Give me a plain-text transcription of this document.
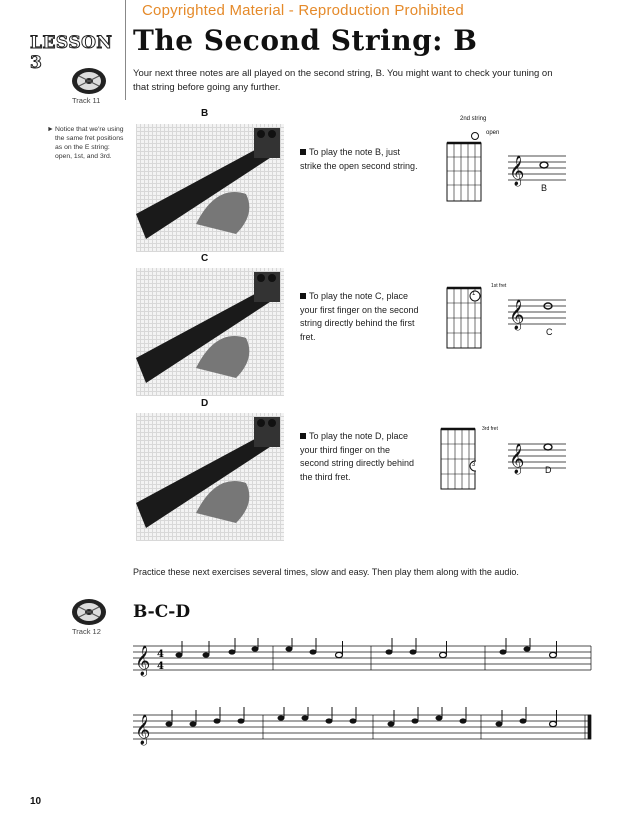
Copyrighted Material - Reproduction Prohibited
LESSON 3
The Second String: B
Track 11
Your next three notes are all played on the second string, B. You might want to check your tuning on that string before going any further.
► Notice that we're using the same fret positions as on the E string: open, 1st, and 3rd.
B
To play the note B, just strike the open second string.
2nd string
open
𝄞
B
C
To play the note C, place your first finger on the second string directly behind the first fret.
1st fret
1
𝄞
C
D
To play the note D, place your third finger on the second string directly behind the third fret.
3rd fret
3 𝄞 D
Practice these next exercises several times, slow and easy. Then play them along with the audio.
Track 12
B-C-D
𝄞 4
4
𝄞
10
